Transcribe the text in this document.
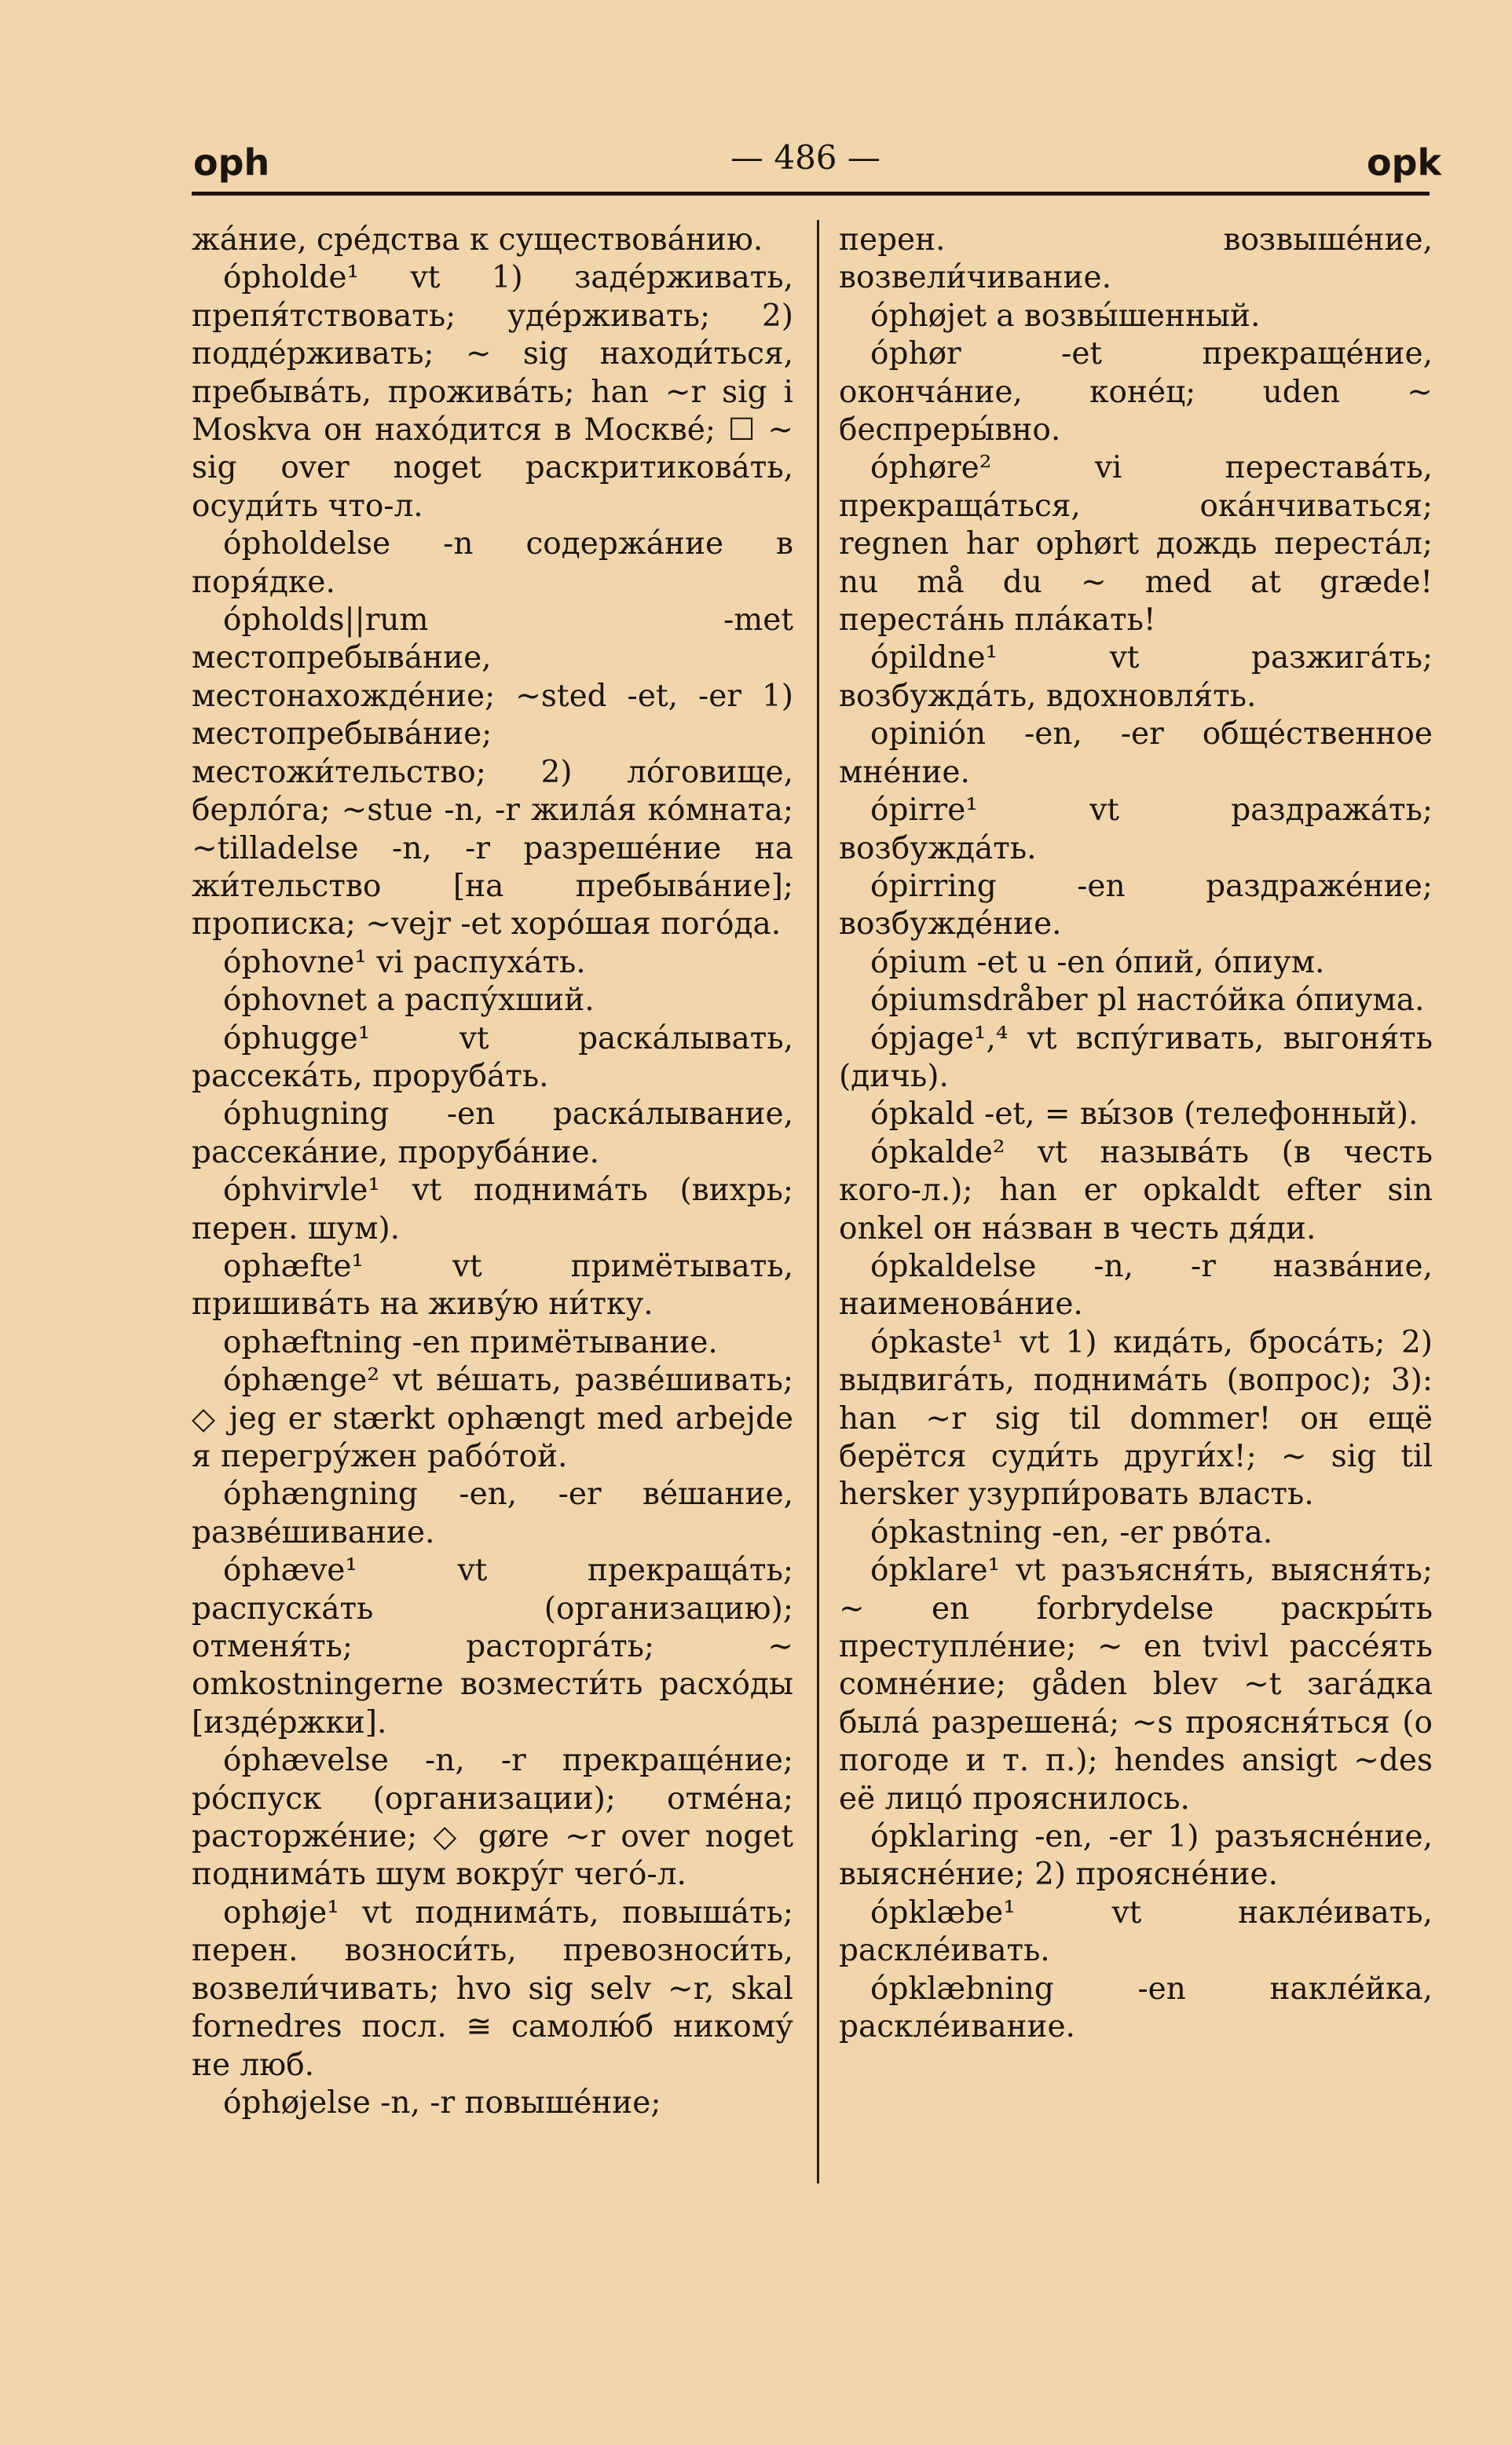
oph	— 486 —	opk

жа́ние, сре́дства к существова́нию.

ópholde¹ vt 1) заде́рживать, препя́тствовать; удéрживать; 2) поддéрживать; ~ sig находи́ться, пребыва́ть, прожива́ть; han ~r sig i Moskva он нахóдится в Москве́; ☐ ~ sig over noget раскритикова́ть, осуди́ть что-л.

ópholdelse -n содержа́ние в поря́дке.

ópholds||rum -met местопребыва́ние, местонахожде́ние; ~sted -et, -er 1) местопребыва́ние; местожи́тельство; 2) лóговище, берло́га; ~stue -n, -r жила́я кóмната; ~tilladelse -n, -r разреше́ние на жи́тельство [на пребыва́ние]; прописка; ~vejr -et хорóшая погóда.

óphovne¹ vi распуха́ть.

óphovnet a распу́хший.

óphugge¹ vt раска́лывать, рассека́ть, проруба́ть.

óphugning -en раска́лывание, рассека́ние, проруба́ние.

óphvirvle¹ vt поднима́ть (вихрь; перен. шум).

ophæfte¹ vt примётывать, пришива́ть на живу́ю ни́тку.

ophæftning -en примётывание.

óphænge² vt ве́шать, разве́шивать; ◇ jeg er stærkt ophængt med arbejde я перегру́жен рабóтой.

óphængning -en, -er ве́шание, разве́шивание.

óphæve¹ vt прекраща́ть; распуска́ть (организацию); отменя́ть; расторга́ть; ~ omkostningerne возмести́ть расхóды [издéржки].

óphævelse -n, -r прекраще́ние; рóспуск (организации); отме́на; расторже́ние; ◇ gøre ~r over noget поднима́ть шум вокру́г чегó-л.

ophøje¹ vt поднима́ть, повыша́ть; перен. возноси́ть, превозноси́ть, возвели́чивать; hvo sig selv ~r, skal fornedres посл. ≅ самолю́б никому́ не люб.

óphøjelse -n, -r повыше́ние;

перен. возвыше́ние, возвели́чивание.

óphøjet a возвы́шенный.

óphør -et прекраще́ние, окончáние, конéц; uden ~ беспреры́вно.

óphøre² vi перестава́ть, прекраща́ться, окáнчиваться; regnen har ophørt дождь переста́л; nu må du ~ med at græde! перестáнь плáкать!

ópildne¹ vt разжига́ть; возбужда́ть, вдохновля́ть.

opinión -en, -er общéственное мне́ние.

ópirre¹ vt раздража́ть; возбужда́ть.

ópirring -en раздраже́ние; возбужде́ние.

ópium -et u -en óпий, óпиум.

ópiumsdråber pl настóйка óпиума.

ópjage¹,⁴ vt вспу́гивать, выгоня́ть (дичь).

ópkald -et, = вы́зов (телефонный).

ópkalde² vt называ́ть (в честь кого-л.); han er opkaldt efter sin onkel он на́зван в честь дя́ди.

ópkaldelse -n, -r назва́ние, наименова́ние.

ópkaste¹ vt 1) кида́ть, броса́ть; 2) выдвига́ть, поднима́ть (вопрос); 3): han ~r sig til dommer! он ещё берётся суди́ть други́х!; ~ sig til hersker узурпи́ровать власть.

ópkastning -en, -er рвóта.

ópklare¹ vt разъясня́ть, выясня́ть; ~ en forbrydelse раскры́ть преступле́ние; ~ en tvivl рассе́ять сомне́ние; gåden blev ~t зага́дка была́ разрешена́; ~s проясня́ться (о погоде и т. п.); hendes ansigt ~des её лицó прояснилось.

ópklaring -en, -er 1) разъясне́ние, выясне́ние; 2) проясне́ние.

ópklæbe¹ vt накле́ивать, раскле́ивать.

ópklæbning -en накле́йка, раскле́ивание.
